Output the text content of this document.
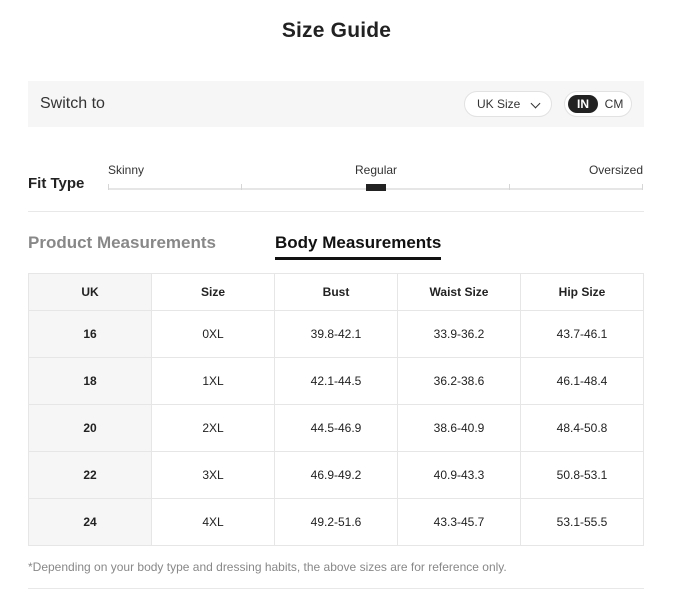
Size Guide
Switch to	UK Size	IN	CM
Fit Type
Skinny	Regular	Oversized
Product Measurements	Body Measurements
UK	Size	Bust	Waist Size	Hip Size
16	0XL	39.8-42.1	33.9-36.2	43.7-46.1
18	1XL	42.1-44.5	36.2-38.6	46.1-48.4
20	2XL	44.5-46.9	38.6-40.9	48.4-50.8
22	3XL	46.9-49.2	40.9-43.3	50.8-53.1
24	4XL	49.2-51.6	43.3-45.7	53.1-55.5
*Depending on your body type and dressing habits, the above sizes are for reference only.
